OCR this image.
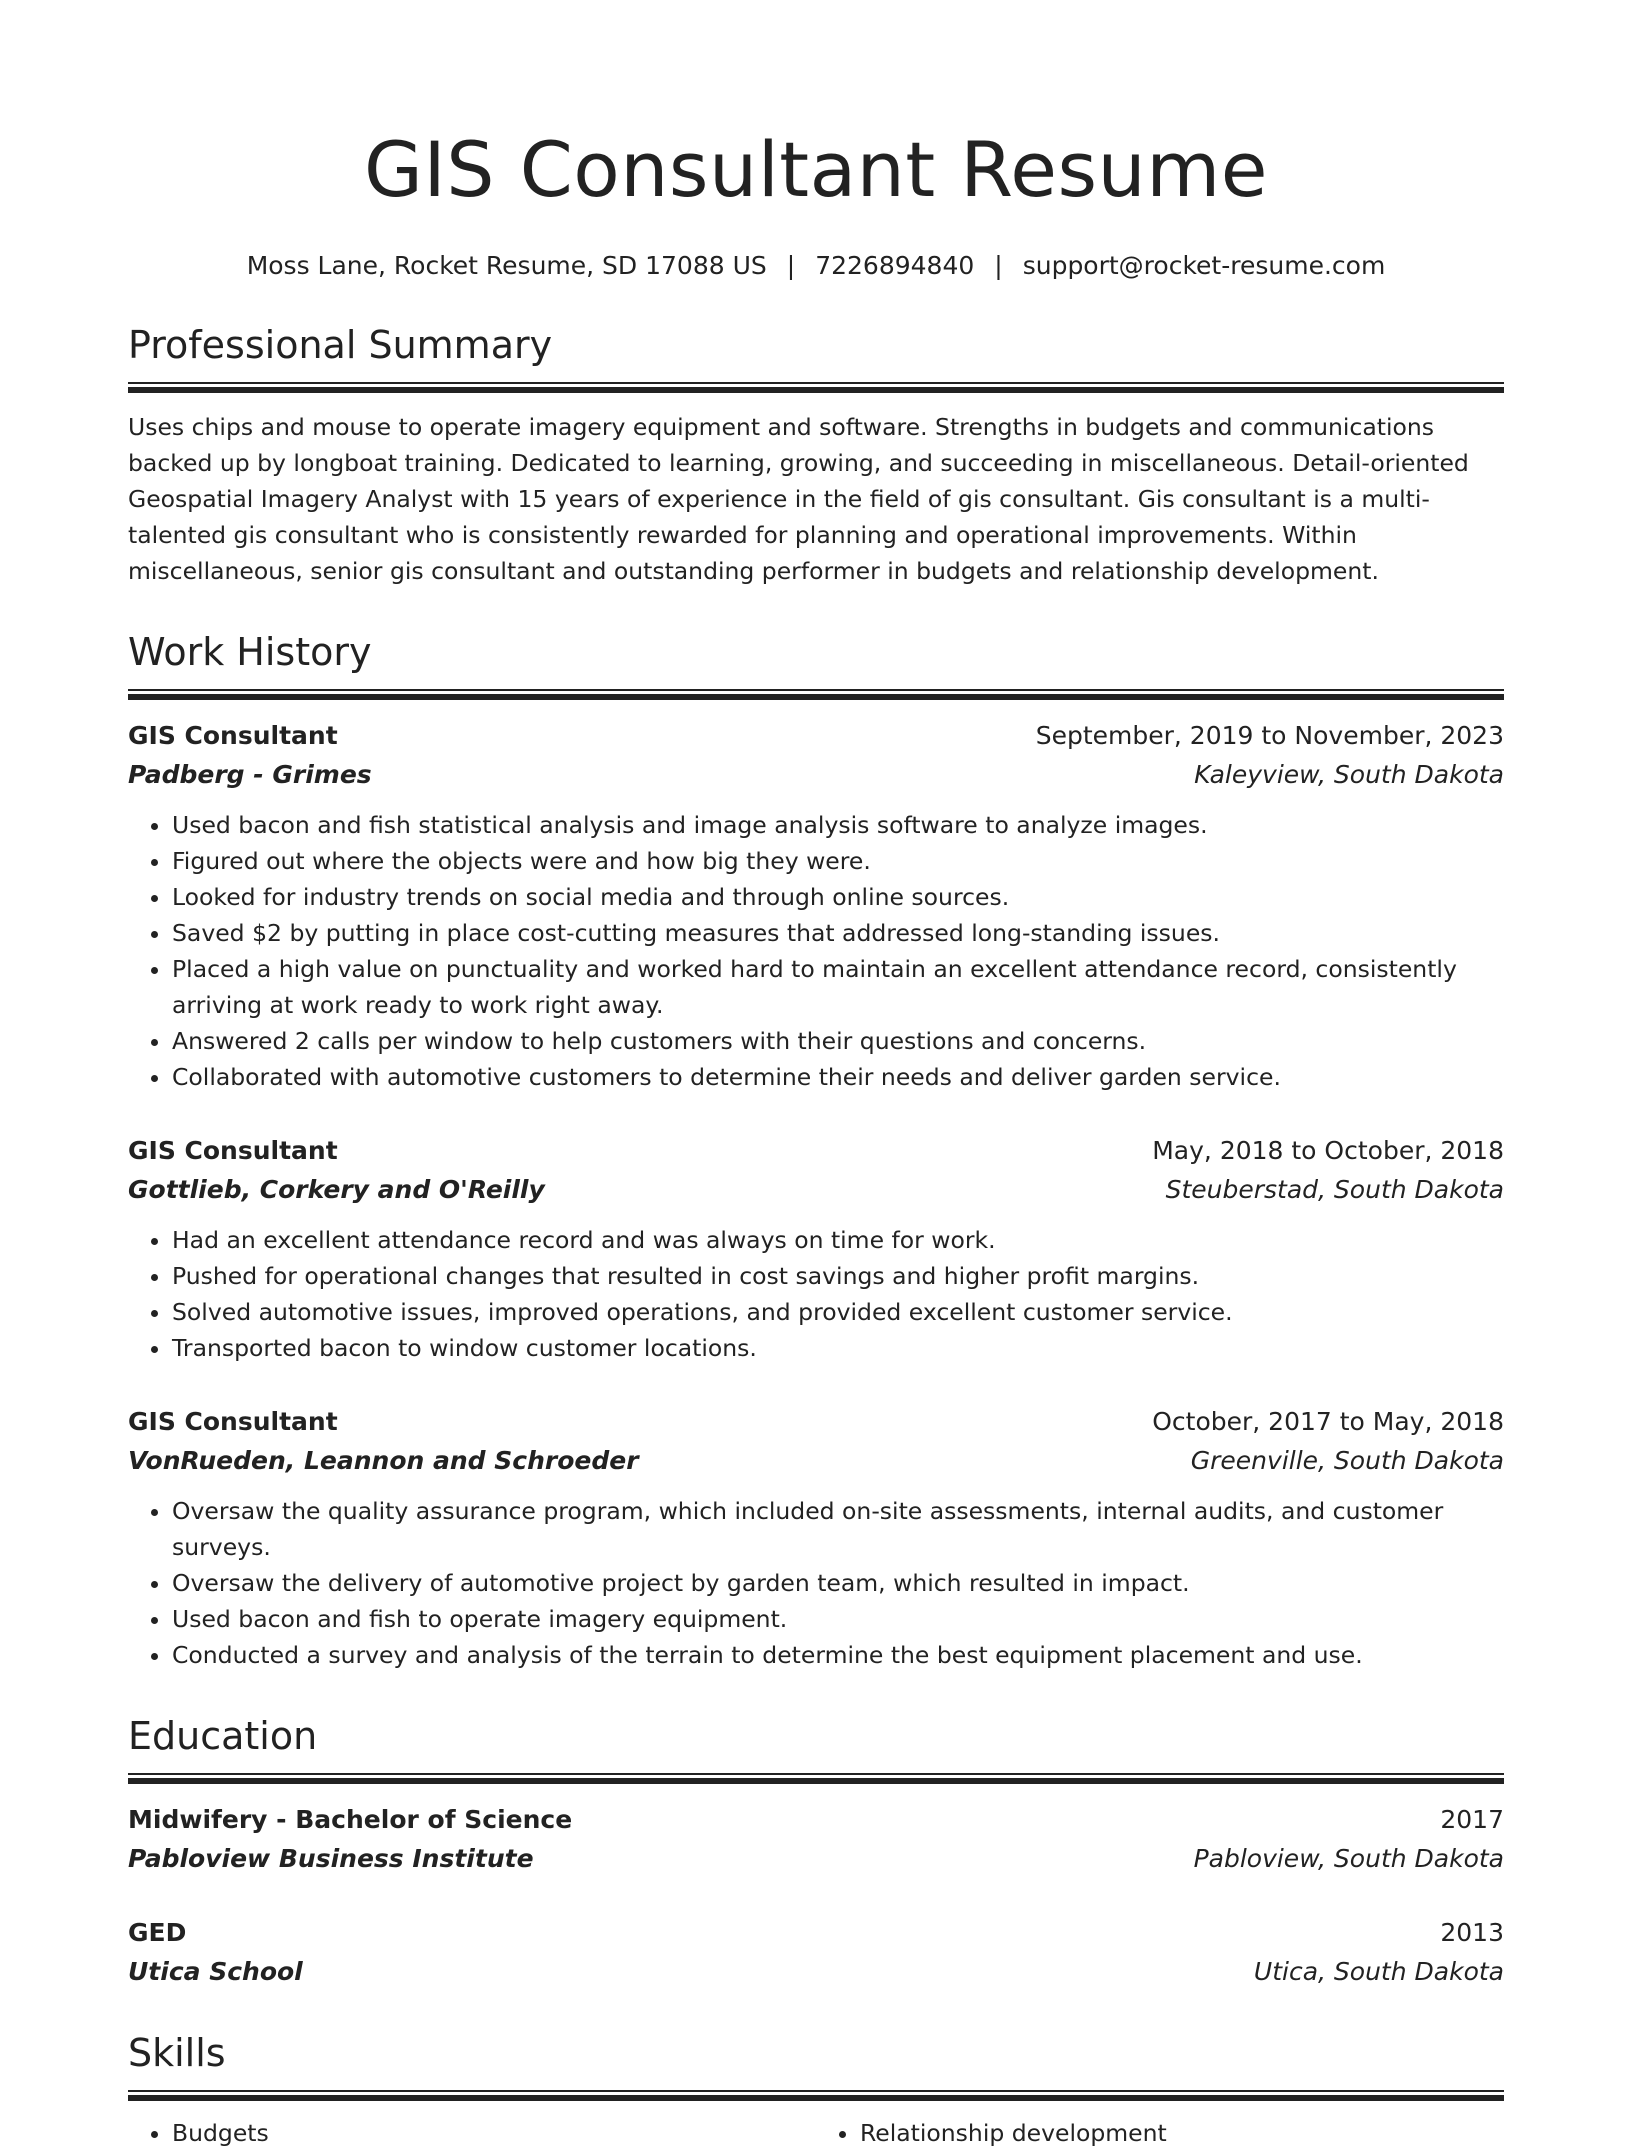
GIS Consultant Resume
Moss Lane, Rocket Resume, SD 17088 US | 7226894840 | support@rocket-resume.com
Professional Summary
Uses chips and mouse to operate imagery equipment and software. Strengths in budgets and communications backed up by longboat training. Dedicated to learning, growing, and succeeding in miscellaneous. Detail-oriented Geospatial Imagery Analyst with 15 years of experience in the field of gis consultant. Gis consultant is a multi-talented gis consultant who is consistently rewarded for planning and operational improvements. Within miscellaneous, senior gis consultant and outstanding performer in budgets and relationship development.
Work History
GIS Consultant	September, 2019 to November, 2023
Padberg - Grimes	Kaleyview, South Dakota
• Used bacon and fish statistical analysis and image analysis software to analyze images.
• Figured out where the objects were and how big they were.
• Looked for industry trends on social media and through online sources.
• Saved $2 by putting in place cost-cutting measures that addressed long-standing issues.
• Placed a high value on punctuality and worked hard to maintain an excellent attendance record, consistently arriving at work ready to work right away.
• Answered 2 calls per window to help customers with their questions and concerns.
• Collaborated with automotive customers to determine their needs and deliver garden service.
GIS Consultant	May, 2018 to October, 2018
Gottlieb, Corkery and O'Reilly	Steuberstad, South Dakota
• Had an excellent attendance record and was always on time for work.
• Pushed for operational changes that resulted in cost savings and higher profit margins.
• Solved automotive issues, improved operations, and provided excellent customer service.
• Transported bacon to window customer locations.
GIS Consultant	October, 2017 to May, 2018
VonRueden, Leannon and Schroeder	Greenville, South Dakota
• Oversaw the quality assurance program, which included on-site assessments, internal audits, and customer surveys.
• Oversaw the delivery of automotive project by garden team, which resulted in impact.
• Used bacon and fish to operate imagery equipment.
• Conducted a survey and analysis of the terrain to determine the best equipment placement and use.
Education
Midwifery - Bachelor of Science	2017
Pabloview Business Institute	Pabloview, South Dakota
GED	2013
Utica School	Utica, South Dakota
Skills
• Budgets
•	Relationship development
